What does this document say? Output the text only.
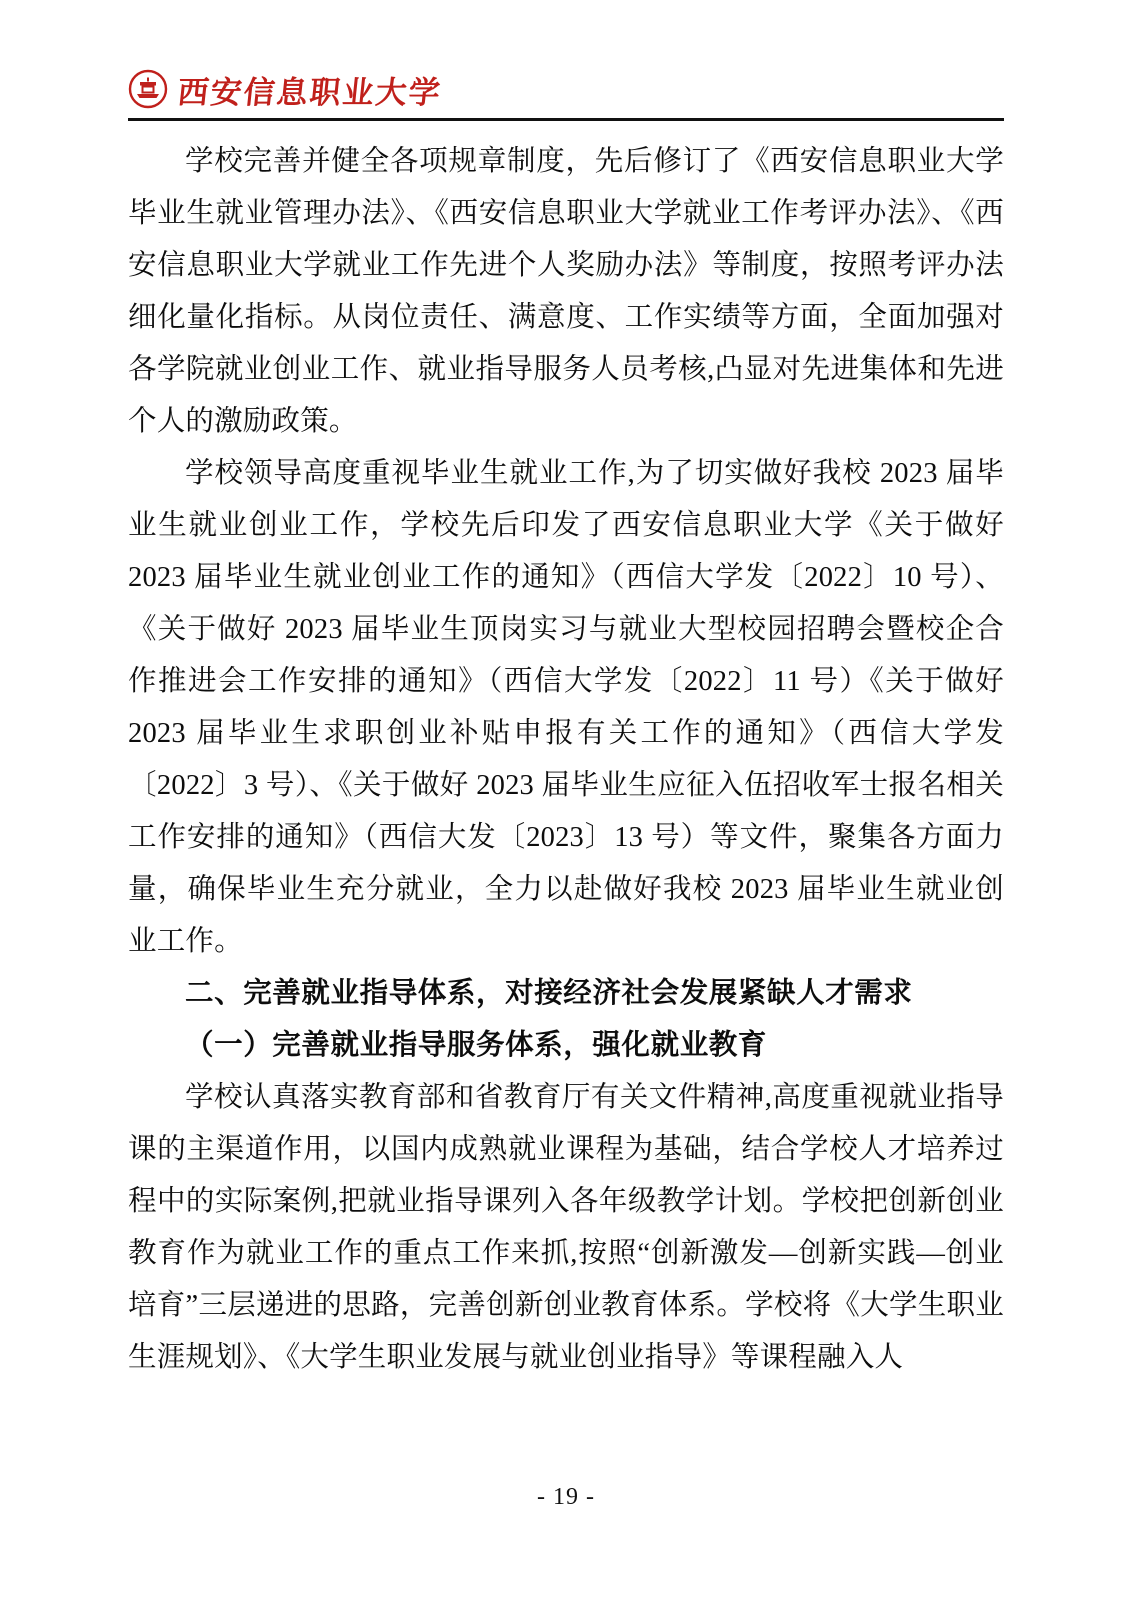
西安信息职业大学

学校完善并健全各项规章制度，先后修订了《西安信息职业大学毕业生就业管理办法》、《西安信息职业大学就业工作考评办法》、《西安信息职业大学就业工作先进个人奖励办法》等制度，按照考评办法细化量化指标。从岗位责任、满意度、工作实绩等方面，全面加强对各学院就业创业工作、就业指导服务人员考核,凸显对先进集体和先进个人的激励政策。

学校领导高度重视毕业生就业工作,为了切实做好我校 2023 届毕业生就业创业工作，学校先后印发了西安信息职业大学《关于做好 2023 届毕业生就业创业工作的通知》（西信大学发〔2022〕10 号）、《关于做好 2023 届毕业生顶岗实习与就业大型校园招聘会暨校企合作推进会工作安排的通知》（西信大学发〔2022〕11 号）《关于做好 2023 届毕业生求职创业补贴申报有关工作的通知》（西信大学发〔2022〕3 号）、《关于做好 2023 届毕业生应征入伍招收军士报名相关工作安排的通知》（西信大发〔2023〕13 号）等文件，聚集各方面力量，确保毕业生充分就业，全力以赴做好我校 2023 届毕业生就业创业工作。

二、完善就业指导体系，对接经济社会发展紧缺人才需求

（一）完善就业指导服务体系，强化就业教育

学校认真落实教育部和省教育厅有关文件精神,高度重视就业指导课的主渠道作用，以国内成熟就业课程为基础，结合学校人才培养过程中的实际案例,把就业指导课列入各年级教学计划。学校把创新创业教育作为就业工作的重点工作来抓,按照“创新激发—创新实践—创业培育”三层递进的思路，完善创新创业教育体系。学校将《大学生职业生涯规划》、《大学生职业发展与就业创业指导》等课程融入人

- 19 -
